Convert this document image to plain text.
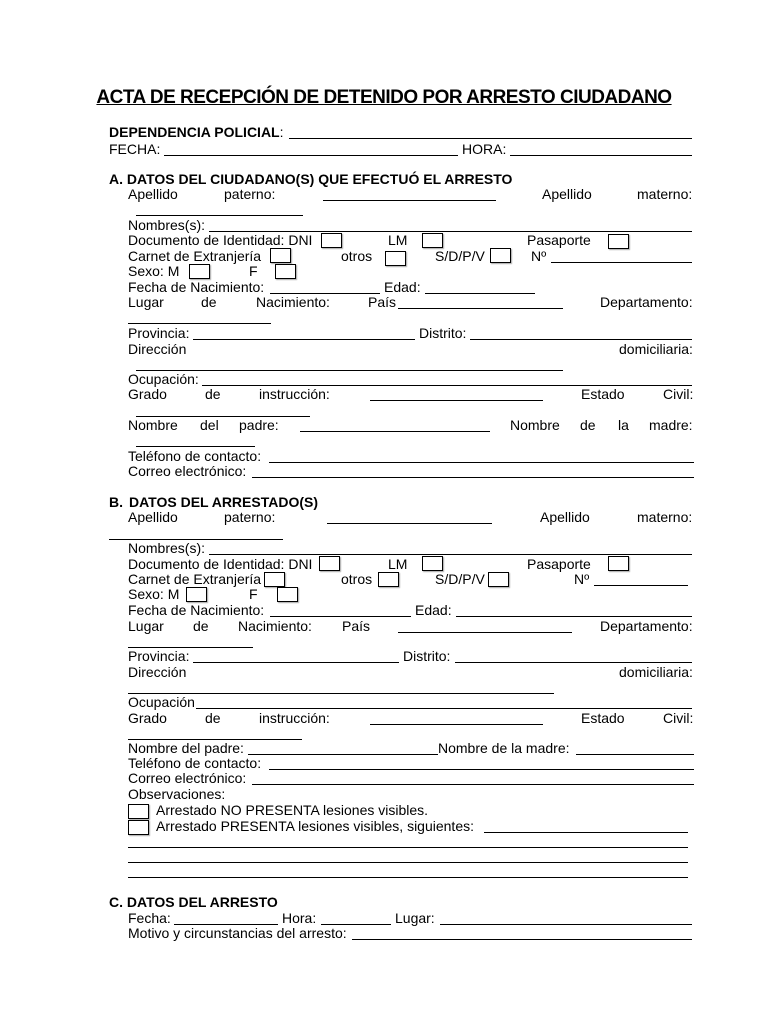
ACTA DE RECEPCIÓN DE DETENIDO POR ARRESTO CIUDADANO
DEPENDENCIA POLICIAL:
FECHA:	HORA:
A. DATOS DEL CIUDADANO(S) QUE EFECTUÓ EL ARRESTO
Apellido	paterno:	Apellido	materno:
Nombres(s):
Documento de Identidad: DNI	LM	Pasaporte
Carnet de Extranjería	otros	S/D/P/V	Nº
Sexo: M	F
Fecha de Nacimiento:	Edad:
Lugar	de	Nacimiento:	País	Departamento:
Provincia:	Distrito:
Dirección	domiciliaria:
Ocupación:
Grado	de	instrucción:	Estado	Civil:
Nombre del padre:	Nombre de la madre:
Teléfono de contacto:
Correo electrónico:
B. DATOS DEL ARRESTADO(S)
Apellido	paterno:	Apellido	materno:
Nombres(s):
Documento de Identidad: DNI	LM	Pasaporte
Carnet de Extranjería	otros	S/D/P/V	Nº
Sexo: M	F
Fecha de Nacimiento:	Edad:
Lugar de Nacimiento: País	Departamento:
Provincia:	Distrito:
Dirección	domiciliaria:
Ocupación
Grado	de	instrucción:	Estado	Civil:
Nombre del padre:	Nombre de la madre:
Teléfono de contacto:
Correo electrónico:
Observaciones:
Arrestado NO PRESENTA lesiones visibles.
Arrestado PRESENTA lesiones visibles, siguientes:
C. DATOS DEL ARRESTO
Fecha:	Hora:	Lugar:
Motivo y circunstancias del arresto:
